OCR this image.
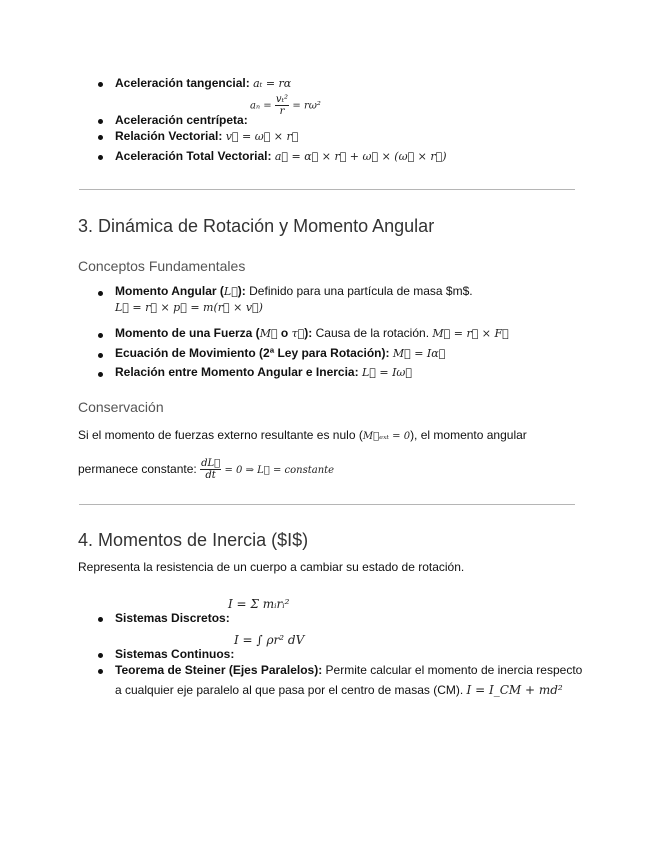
Aceleración tangencial: aₜ = rα
Aceleración centrípeta:
$a_n = \frac{\text{vₜ²}}{r} = r\omega^2$
Relación Vectorial: v⃗ = ω⃗ × r⃗
Aceleración Total Vectorial: a⃗ = α⃗ × r⃗ + ω⃗ × (ω⃗ × r⃗)
3. Dinámica de Rotación y Momento Angular
Conceptos Fundamentales
Momento Angular (L⃗): Definido para una partícula de masa $m$.
L⃗ = r⃗ × p⃗ = m(r⃗ × v⃗)
Momento de una Fuerza (M⃗ o τ⃗): Causa de la rotación. M⃗ = r⃗ × F⃗
Ecuación de Movimiento (2ª Ley para Rotación): M⃗ = Iα⃗
Relación entre Momento Angular e Inercia: L⃗ = Iω⃗
Conservación
Si el momento de fuerzas externo resultante es nulo (M⃗ₑₓₜ = 0), el momento angular
permanece constante: $\frac{dL⃗}{dt} = 0$ ⇒ L⃗ = constante
4. Momentos de Inercia ($I$)
Representa la resistencia de un cuerpo a cambiar su estado de rotación.
Sistemas Discretos:
I = Σ mᵢrᵢ²
Sistemas Continuos:
I = ∫ ρr² dV
Teorema de Steiner (Ejes Paralelos): Permite calcular el momento de inercia respecto
a cualquier eje paralelo al que pasa por el centro de masas (CM). I = I_CM + md²
